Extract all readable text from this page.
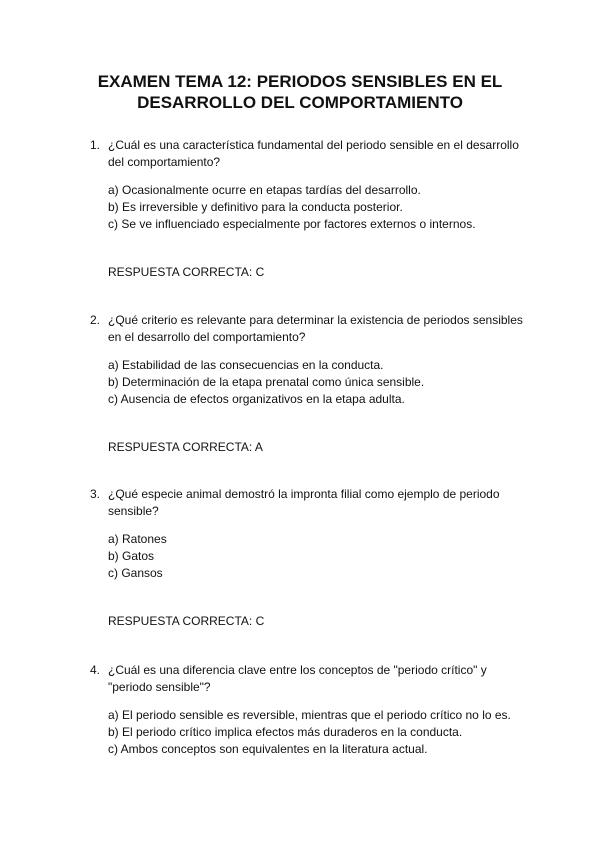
EXAMEN TEMA 12: PERIODOS SENSIBLES EN EL
DESARROLLO DEL COMPORTAMIENTO
1. ¿Cuál es una característica fundamental del periodo sensible en el desarrollo del comportamiento?
a) Ocasionalmente ocurre en etapas tardías del desarrollo.
b) Es irreversible y definitivo para la conducta posterior.
c) Se ve influenciado especialmente por factores externos o internos.
RESPUESTA CORRECTA: C
2. ¿Qué criterio es relevante para determinar la existencia de periodos sensibles en el desarrollo del comportamiento?
a) Estabilidad de las consecuencias en la conducta.
b) Determinación de la etapa prenatal como única sensible.
c) Ausencia de efectos organizativos en la etapa adulta.
RESPUESTA CORRECTA: A
3. ¿Qué especie animal demostró la impronta filial como ejemplo de periodo sensible?
a) Ratones
b) Gatos
c) Gansos
RESPUESTA CORRECTA: C
4. ¿Cuál es una diferencia clave entre los conceptos de "periodo crítico" y "periodo sensible"?
a) El periodo sensible es reversible, mientras que el periodo crítico no lo es.
b) El periodo crítico implica efectos más duraderos en la conducta.
c) Ambos conceptos son equivalentes en la literatura actual.
